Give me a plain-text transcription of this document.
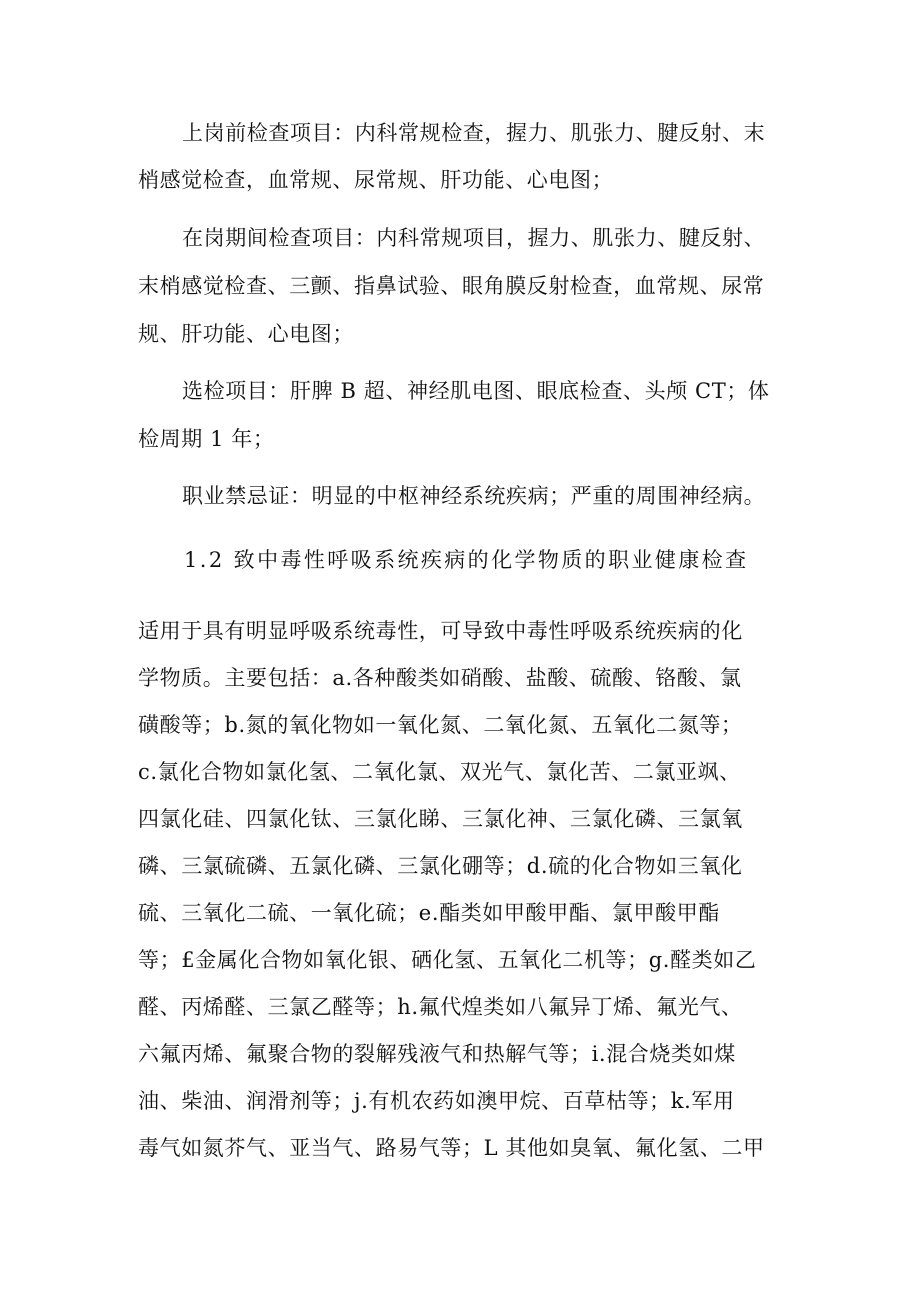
上岗前检查项目：内科常规检查，握力、肌张力、腱反射、末
梢感觉检查，血常规、尿常规、肝功能、心电图；
在岗期间检查项目：内科常规项目，握力、肌张力、腱反射、
末梢感觉检查、三颤、指鼻试验、眼角膜反射检查，血常规、尿常
规、肝功能、心电图；
选检项目：肝脾 B 超、神经肌电图、眼底检查、头颅 CT；体
检周期 1 年；
职业禁忌证：明显的中枢神经系统疾病；严重的周围神经病。
1.2 致中毒性呼吸系统疾病的化学物质的职业健康检查
适用于具有明显呼吸系统毒性，可导致中毒性呼吸系统疾病的化
学物质。主要包括：a.各种酸类如硝酸、盐酸、硫酸、铬酸、氯
磺酸等；b.氮的氧化物如一氧化氮、二氧化氮、五氧化二氮等；
c.氯化合物如氯化氢、二氧化氯、双光气、氯化苦、二氯亚飒、
四氯化硅、四氯化钛、三氯化睇、三氯化神、三氯化磷、三氯氧
磷、三氯硫磷、五氯化磷、三氯化硼等；d.硫的化合物如三氧化
硫、三氧化二硫、一氧化硫；e.酯类如甲酸甲酯、氯甲酸甲酯
等；£金属化合物如氧化银、硒化氢、五氧化二机等；g.醛类如乙
醛、丙烯醛、三氯乙醛等；h.氟代煌类如八氟异丁烯、氟光气、
六氟丙烯、氟聚合物的裂解残液气和热解气等；i.混合烧类如煤
油、柴油、润滑剂等；j.有机农药如澳甲烷、百草枯等；k.军用
毒气如氮芥气、亚当气、路易气等；L 其他如臭氧、氟化氢、二甲
